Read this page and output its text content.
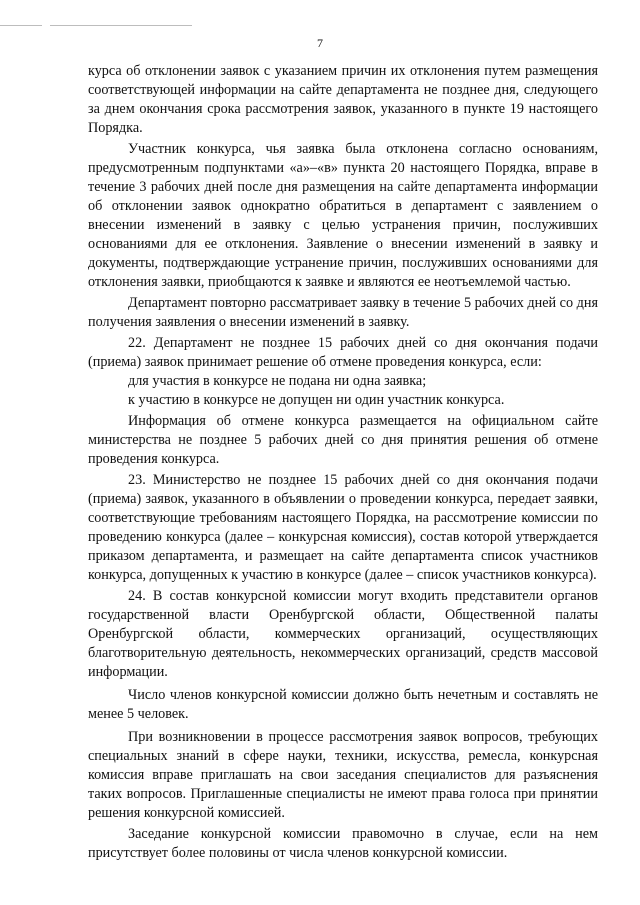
7

курса об отклонении заявок с указанием причин их отклонения путем размещения соответствующей информации на сайте департамента не позднее дня, следующего за днем окончания срока рассмотрения заявок, указанного в пункте 19 настоящего Порядка.

Участник конкурса, чья заявка была отклонена согласно основаниям, предусмотренным подпунктами «а»–«в» пункта 20 настоящего Порядка, вправе в течение 3 рабочих дней после дня размещения на сайте департамента информации об отклонении заявок однократно обратиться в департамент с заявлением о внесении изменений в заявку с целью устранения причин, послуживших основаниями для ее отклонения. Заявление о внесении изменений в заявку и документы, подтверждающие устранение причин, послуживших основаниями для отклонения заявки, приобщаются к заявке и являются ее неотъемлемой частью.

Департамент повторно рассматривает заявку в течение 5 рабочих дней со дня получения заявления о внесении изменений в заявку.

22. Департамент не позднее 15 рабочих дней со дня окончания подачи (приема) заявок принимает решение об отмене проведения конкурса, если:

для участия в конкурсе не подана ни одна заявка;

к участию в конкурсе не допущен ни один участник конкурса.

Информация об отмене конкурса размещается на официальном сайте министерства не позднее 5 рабочих дней со дня принятия решения об отмене проведения конкурса.

23. Министерство не позднее 15 рабочих дней со дня окончания подачи (приема) заявок, указанного в объявлении о проведении конкурса, передает заявки, соответствующие требованиям настоящего Порядка, на рассмотрение комиссии по проведению конкурса (далее – конкурсная комиссия), состав которой утверждается приказом департамента, и размещает на сайте департамента список участников конкурса, допущенных к участию в конкурсе (далее – список участников конкурса).

24. В состав конкурсной комиссии могут входить представители органов государственной власти Оренбургской области, Общественной палаты Оренбургской области, коммерческих организаций, осуществляющих благотворительную деятельность, некоммерческих организаций, средств массовой информации.

Число членов конкурсной комиссии должно быть нечетным и составлять не менее 5 человек.

При возникновении в процессе рассмотрения заявок вопросов, требующих специальных знаний в сфере науки, техники, искусства, ремесла, конкурсная комиссия вправе приглашать на свои заседания специалистов для разъяснения таких вопросов. Приглашенные специалисты не имеют права голоса при принятии решения конкурсной комиссией.

Заседание конкурсной комиссии правомочно в случае, если на нем присутствует более половины от числа членов конкурсной комиссии.
